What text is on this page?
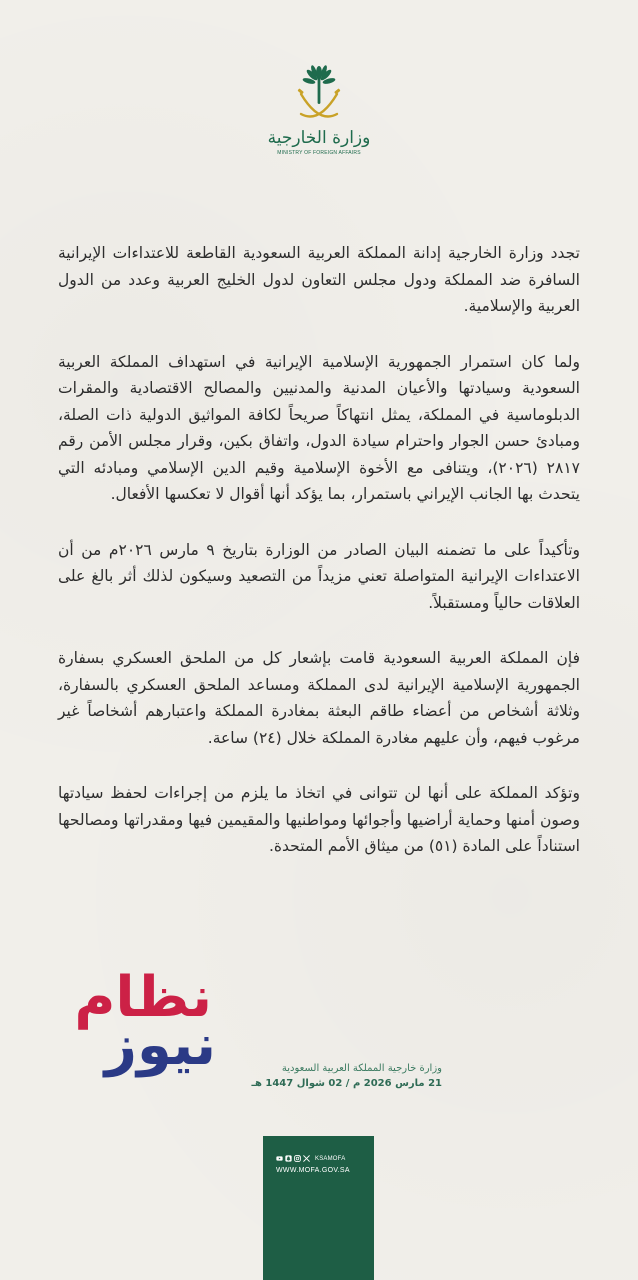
وزارة الخارجية
MINISTRY OF FOREIGN AFFAIRS

تجدد وزارة الخارجية إدانة المملكة العربية السعودية القاطعة للاعتداءات الإيرانية السافرة ضد المملكة ودول مجلس التعاون لدول الخليج العربية وعدد من الدول العربية والإسلامية.

ولما كان استمرار الجمهورية الإسلامية الإيرانية في استهداف المملكة العربية السعودية وسيادتها والأعيان المدنية والمدنيين والمصالح الاقتصادية والمقرات الدبلوماسية في المملكة، يمثل انتهاكاً صريحاً لكافة المواثيق الدولية ذات الصلة، ومبادئ حسن الجوار واحترام سيادة الدول، واتفاق بكين، وقرار مجلس الأمن رقم ٢٨١٧ (٢٠٢٦)، ويتنافى مع الأخوة الإسلامية وقيم الدين الإسلامي ومبادئه التي يتحدث بها الجانب الإيراني باستمرار، بما يؤكد أنها أقوال لا تعكسها الأفعال.

وتأكيداً على ما تضمنه البيان الصادر من الوزارة بتاريخ ٩ مارس ٢٠٢٦م من أن الاعتداءات الإيرانية المتواصلة تعني مزيداً من التصعيد وسيكون لذلك أثر بالغ على العلاقات حالياً ومستقبلاً.

فإن المملكة العربية السعودية قامت بإشعار كل من الملحق العسكري بسفارة الجمهورية الإسلامية الإيرانية لدى المملكة ومساعد الملحق العسكري بالسفارة، وثلاثة أشخاص من أعضاء طاقم البعثة بمغادرة المملكة واعتبارهم أشخاصاً غير مرغوب فيهم، وأن عليهم مغادرة المملكة خلال (٢٤) ساعة.

وتؤكد المملكة على أنها لن تتوانى في اتخاذ ما يلزم من إجراءات لحفظ سيادتها وصون أمنها وحماية أراضيها وأجوائها ومواطنيها والمقيمين فيها ومقدراتها ومصالحها استناداً على المادة (٥١) من ميثاق الأمم المتحدة.

نظام
نيوز	وزارة خارجية المملكة العربية السعودية
21 مارس 2026 م / 02 شوال 1447 هـ
KSAMOFA
WWW.MOFA.GOV.SA
